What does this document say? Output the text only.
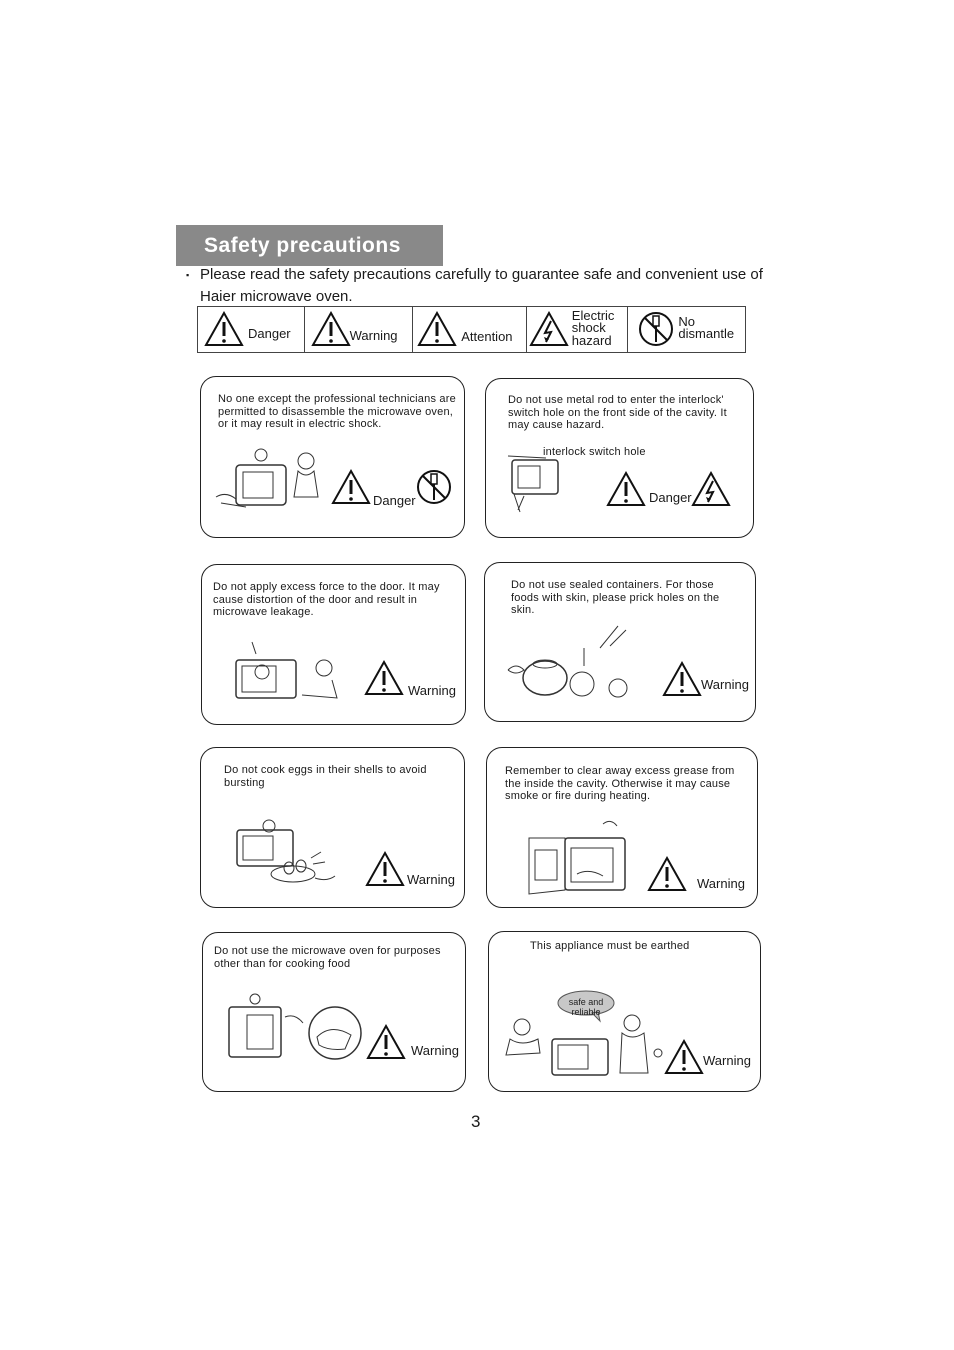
Safety precautions
▪ Please read the safety precautions carefully to guarantee safe and convenient use of Haier microwave oven.
Danger	Warning	Attention
Electric
shock
hazard
No
dismantle
No one except the professional technicians are permitted to disassemble the microwave oven, or it may result in electric shock.
Danger
Do not use metal rod to enter the interlock' switch hole on the front side of the cavity. It may cause hazard.
interlock switch hole
Danger
Do not apply excess force to the door. It may cause distortion of the door and result in microwave leakage.
Warning
Do not use sealed containers. For those foods with skin, please prick holes on the skin.
Warning
Do not cook eggs in their shells to avoid bursting
Warning
Remember to clear away excess grease from the inside the cavity. Otherwise it may cause smoke or fire during heating.
Warning
Do not use the microwave oven for purposes other than for cooking food
Warning
This appliance must be earthed
safe and
reliable
Warning
3
